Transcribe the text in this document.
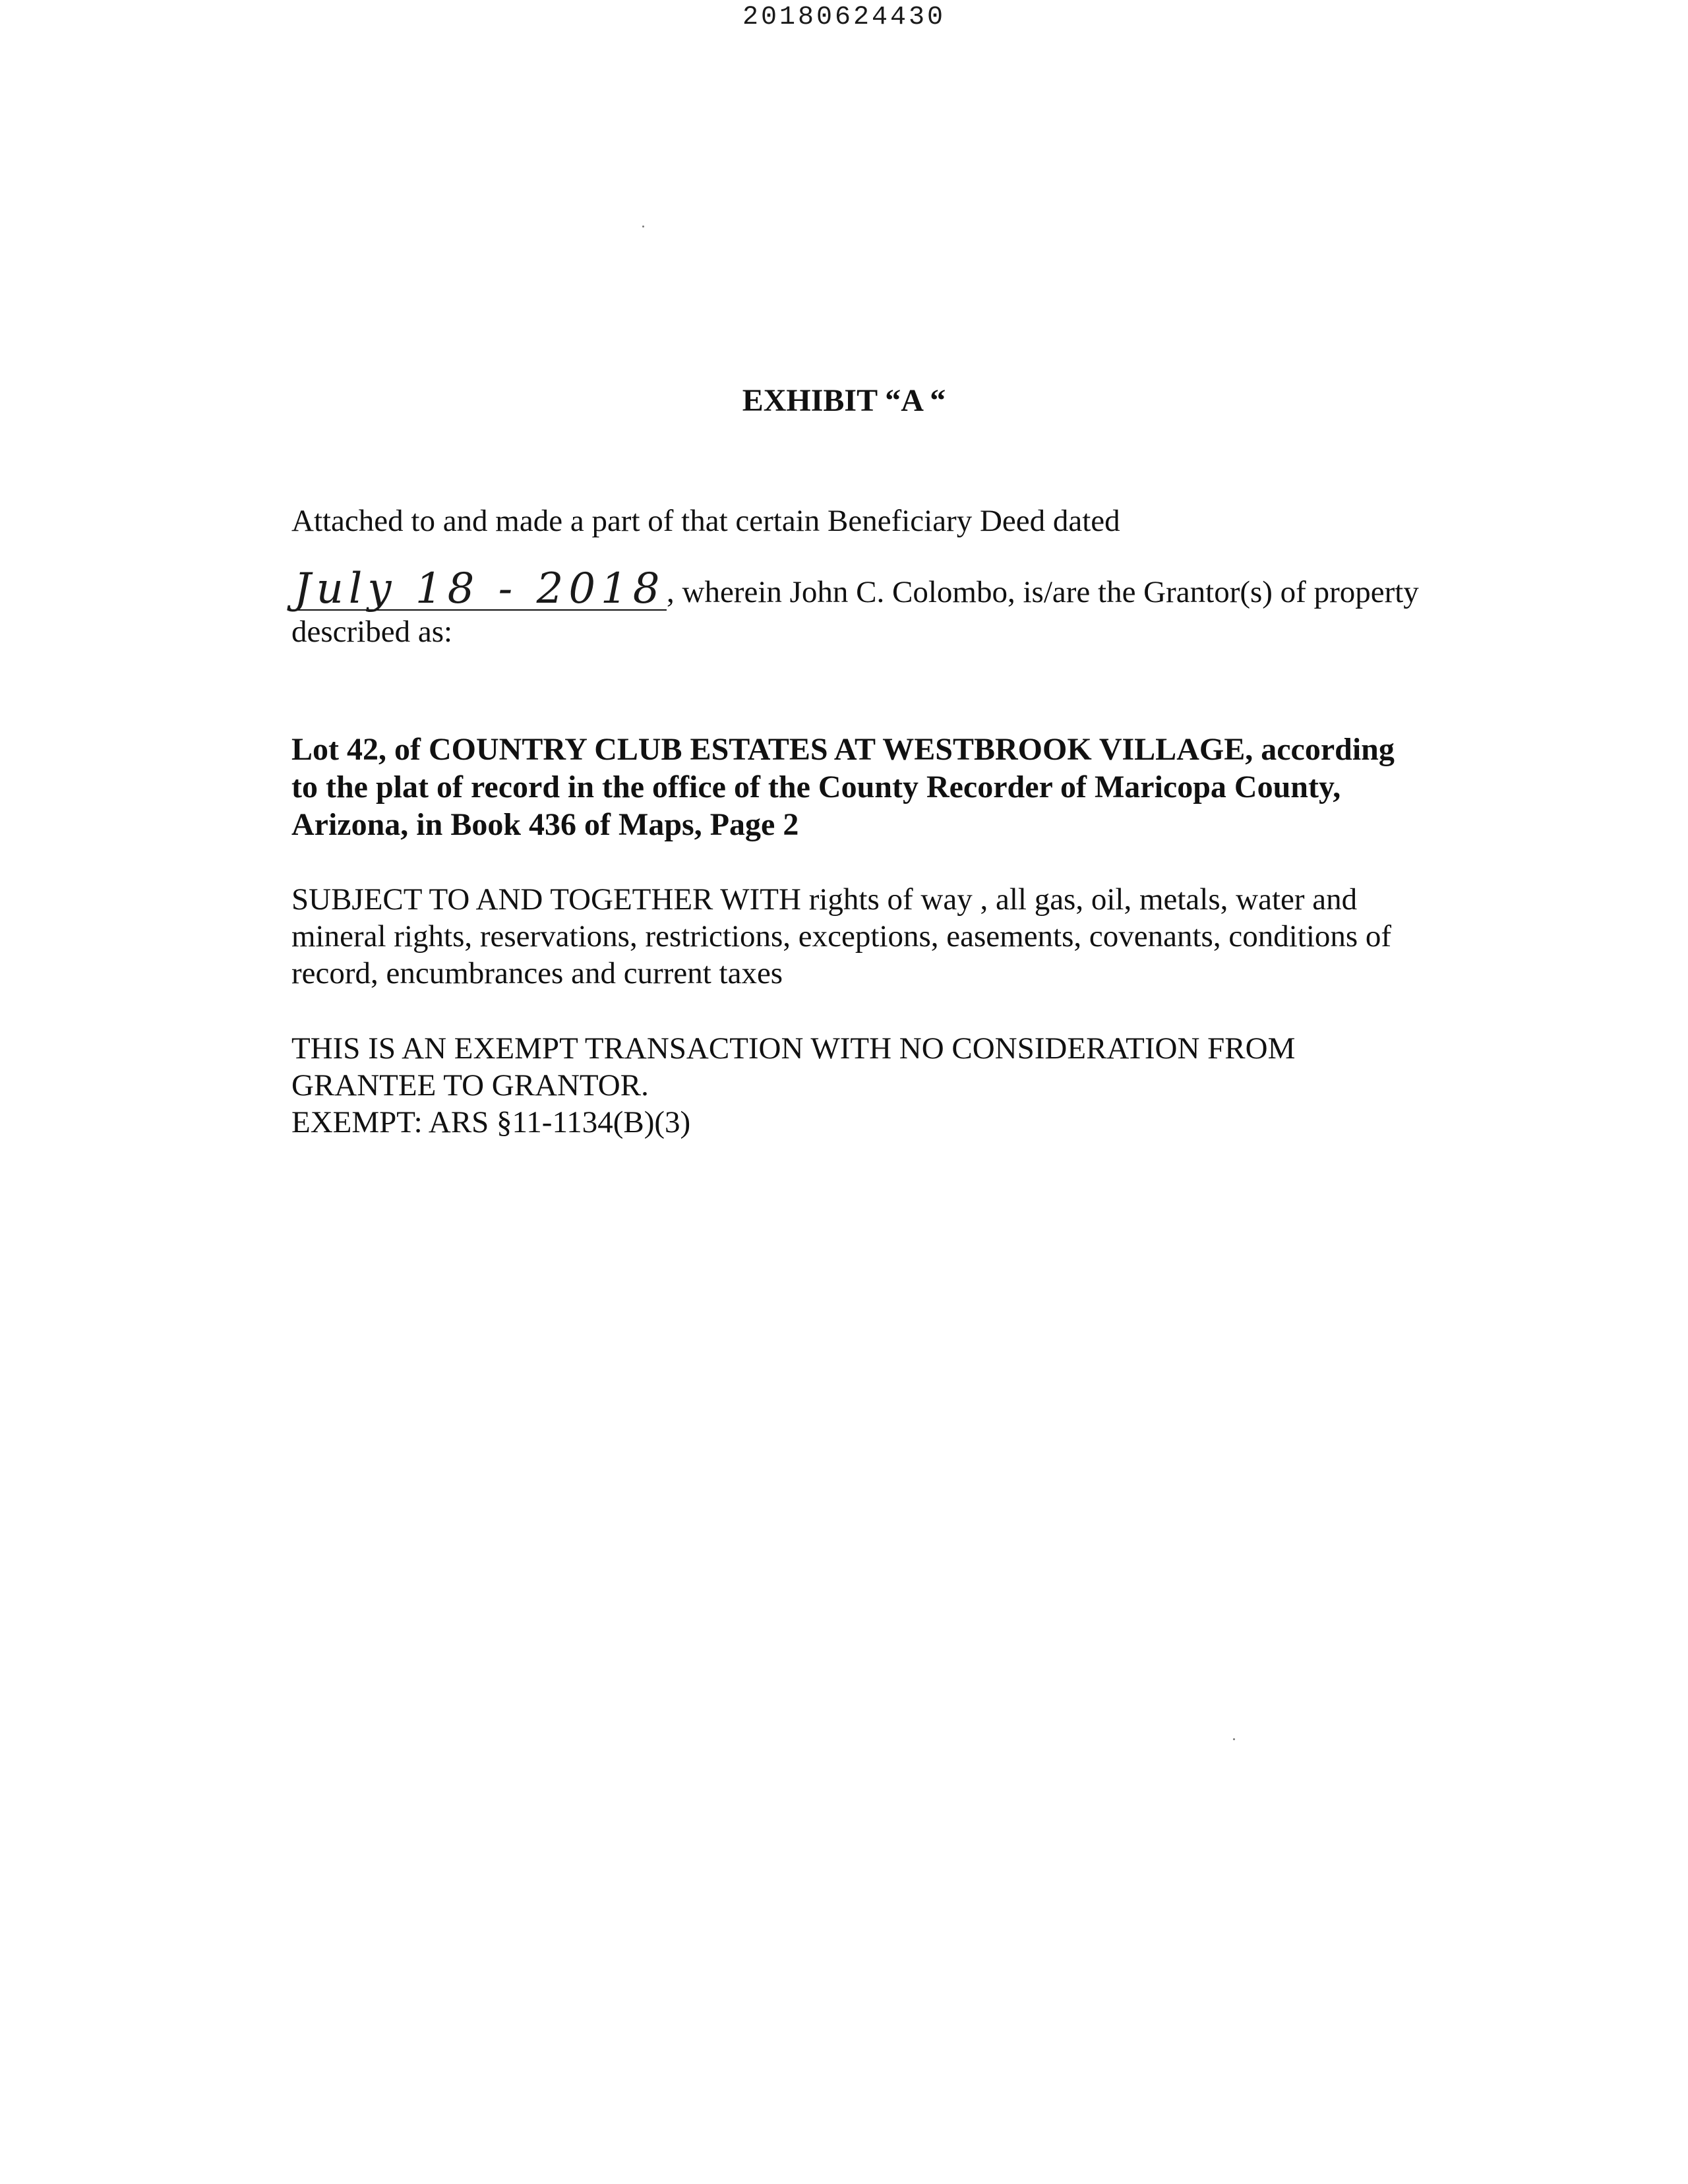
20180624430
EXHIBIT “A “
Attached to and made a part of that certain Beneficiary Deed dated
July 18 - 2018, wherein John C. Colombo, is/are the Grantor(s) of property
described as:
Lot 42, of COUNTRY CLUB ESTATES AT WESTBROOK VILLAGE, according
to the plat of record in the office of the County Recorder of Maricopa County,
Arizona, in Book 436 of Maps, Page 2
SUBJECT TO AND TOGETHER WITH rights of way , all gas, oil, metals, water and
mineral rights, reservations, restrictions, exceptions, easements, covenants, conditions of
record, encumbrances and current taxes
THIS IS AN EXEMPT TRANSACTION WITH NO CONSIDERATION FROM
GRANTEE TO GRANTOR.
EXEMPT: ARS §11-1134(B)(3)
